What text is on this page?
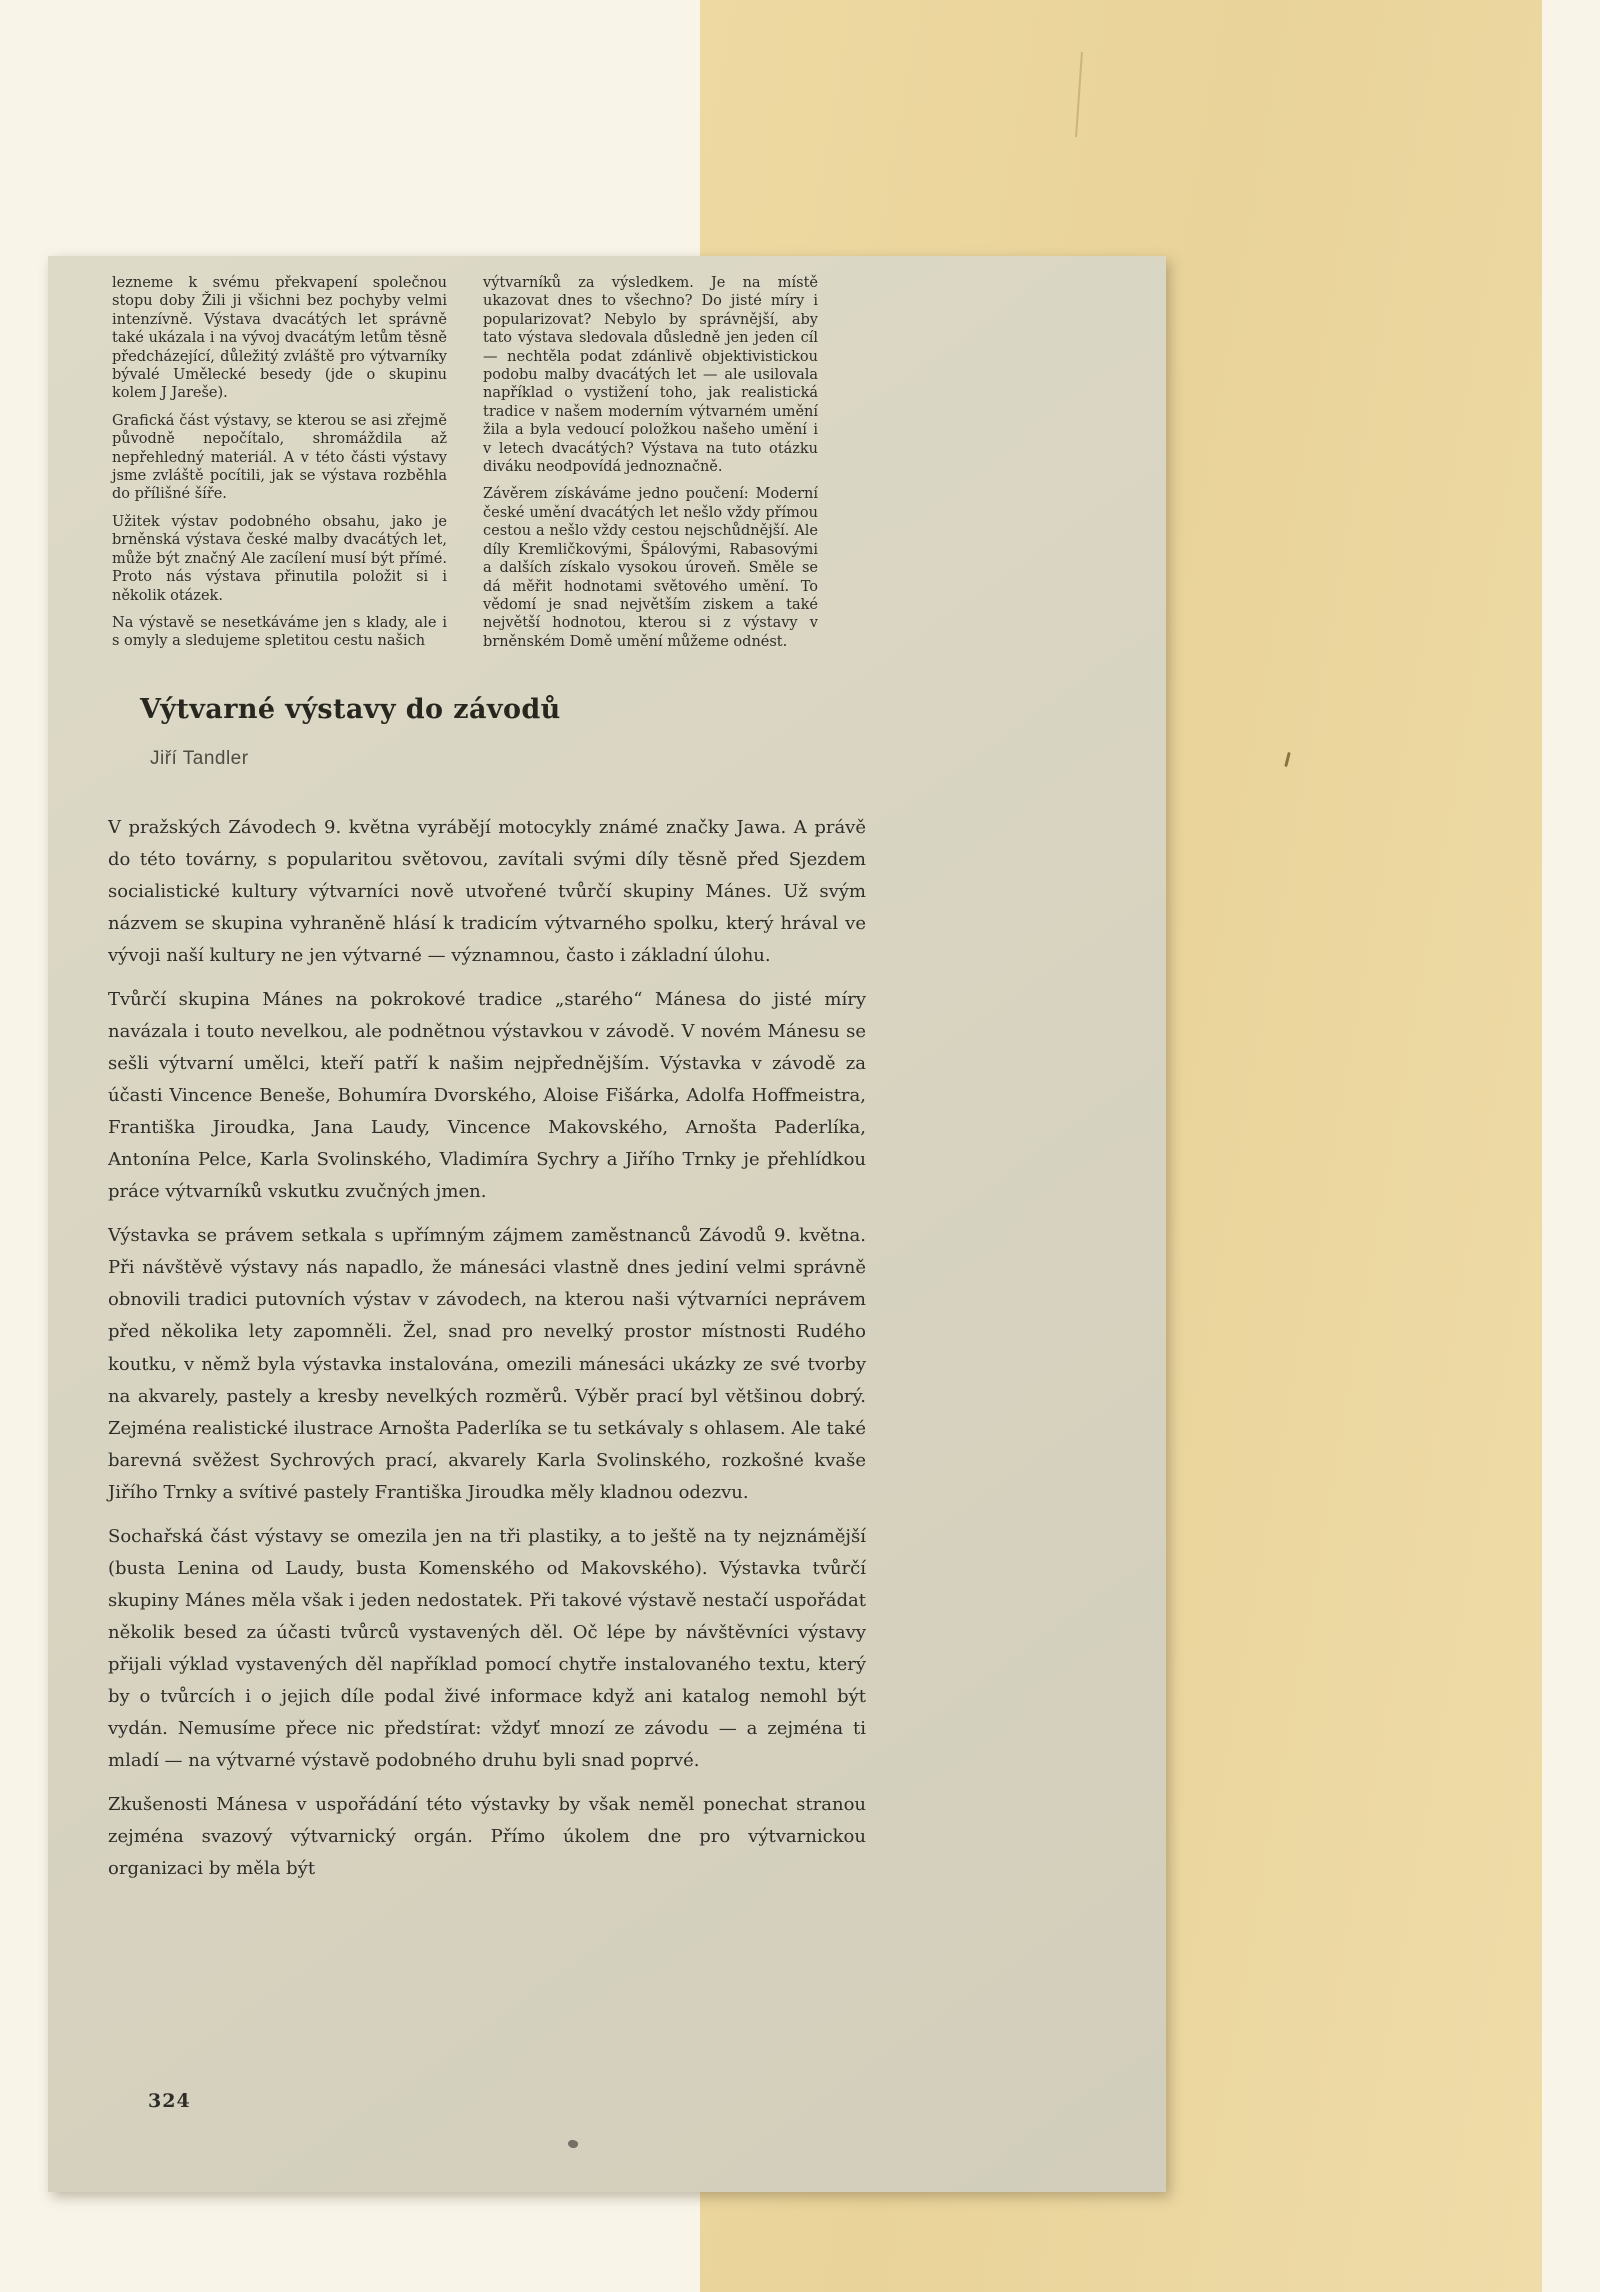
lezneme k svému překvapení společnou stopu doby Žili ji všichni bez pochyby velmi intenzívně. Výstava dvacátých let správně také ukázala i na vývoj dvacátým letům těsně předcházející, důležitý zvláště pro výtvarníky bývalé Umělecké besedy (jde o skupinu kolem J Jareše).

Grafická část výstavy, se kterou se asi zřejmě původně nepočítalo, shromáždila až nepřehledný materiál. A v této části výstavy jsme zvláště pocítili, jak se výstava rozběhla do přílišné šíře.

Užitek výstav podobného obsahu, jako je brněnská výstava české malby dvacátých let, může být značný Ale zacílení musí být přímé. Proto nás výstava přinutila položit si i několik otázek.

Na výstavě se nesetkáváme jen s klady, ale i s omyly a sledujeme spletitou cestu našich

výtvarníků za výsledkem. Je na místě ukazovat dnes to všechno? Do jisté míry i popularizovat? Nebylo by správnější, aby tato výstava sledovala důsledně jen jeden cíl — nechtěla podat zdánlivě objektivistickou podobu malby dvacátých let — ale usilovala například o vystižení toho, jak realistická tradice v našem moderním výtvarném umění žila a byla vedoucí položkou našeho umění i v letech dvacátých? Výstava na tuto otázku diváku neodpovídá jednoznačně.

Závěrem získáváme jedno poučení: Moderní české umění dvacátých let nešlo vždy přímou cestou a nešlo vždy cestou nejschůdnější. Ale díly Kremličkovými, Špálovými, Rabasovými a dalších získalo vysokou úroveň. Směle se dá měřit hodnotami světového umění. To vědomí je snad největším ziskem a také největší hodnotou, kterou si z výstavy v brněnském Domě umění můžeme odnést.

Výtvarné výstavy do závodů
Jiří Tandler

V pražských Závodech 9. května vyrábějí motocykly známé značky Jawa. A právě do této továrny, s popularitou světovou, zavítali svými díly těsně před Sjezdem socialistické kultury výtvarníci nově utvořené tvůrčí skupiny Mánes. Už svým názvem se skupina vyhraněně hlásí k tradicím výtvarného spolku, který hrával ve vývoji naší kultury ne jen výtvarné — významnou, často i základní úlohu.

Tvůrčí skupina Mánes na pokrokové tradice „starého“ Mánesa do jisté míry navázala i touto nevelkou, ale podnětnou výstavkou v závodě. V novém Mánesu se sešli výtvarní umělci, kteří patří k našim nejpřednějším. Výstavka v závodě za účasti Vincence Beneše, Bohumíra Dvorského, Aloise Fišárka, Adolfa Hoffmeistra, Františka Jiroudka, Jana Laudy, Vincence Makovského, Arnošta Paderlíka, Antonína Pelce, Karla Svolinského, Vladimíra Sychry a Jiřího Trnky je přehlídkou práce výtvarníků vskutku zvučných jmen.

Výstavka se právem setkala s upřímným zájmem zaměstnanců Závodů 9. května. Při návštěvě výstavy nás napadlo, že mánesáci vlastně dnes jediní velmi správně obnovili tradici putovních výstav v závodech, na kterou naši výtvarníci neprávem před několika lety zapomněli. Žel, snad pro nevelký prostor místnosti Rudého koutku, v němž byla výstavka instalována, omezili mánesáci ukázky ze své tvorby na akvarely, pastely a kresby nevelkých rozměrů. Výběr prací byl většinou dobrý. Zejména realistické ilustrace Arnošta Paderlíka se tu setkávaly s ohlasem. Ale také barevná svěžest Sychrových prací, akvarely Karla Svolinského, rozkošné kvaše Jiřího Trnky a svítivé pastely Františka Jiroudka měly kladnou odezvu.

Sochařská část výstavy se omezila jen na tři plastiky, a to ještě na ty nejznámější (busta Lenina od Laudy, busta Komenského od Makovského). Výstavka tvůrčí skupiny Mánes měla však i jeden nedostatek. Při takové výstavě nestačí uspořádat několik besed za účasti tvůrců vystavených děl. Oč lépe by návštěvníci výstavy přijali výklad vystavených děl například pomocí chytře instalovaného textu, který by o tvůrcích i o jejich díle podal živé informace když ani katalog nemohl být vydán. Nemusíme přece nic předstírat: vždyť mnozí ze závodu — a zejména ti mladí — na výtvarné výstavě podobného druhu byli snad poprvé.

Zkušenosti Mánesa v uspořádání této výstavky by však neměl ponechat stranou zejména svazový výtvarnický orgán. Přímo úkolem dne pro výtvarnickou organizaci by měla být

324
